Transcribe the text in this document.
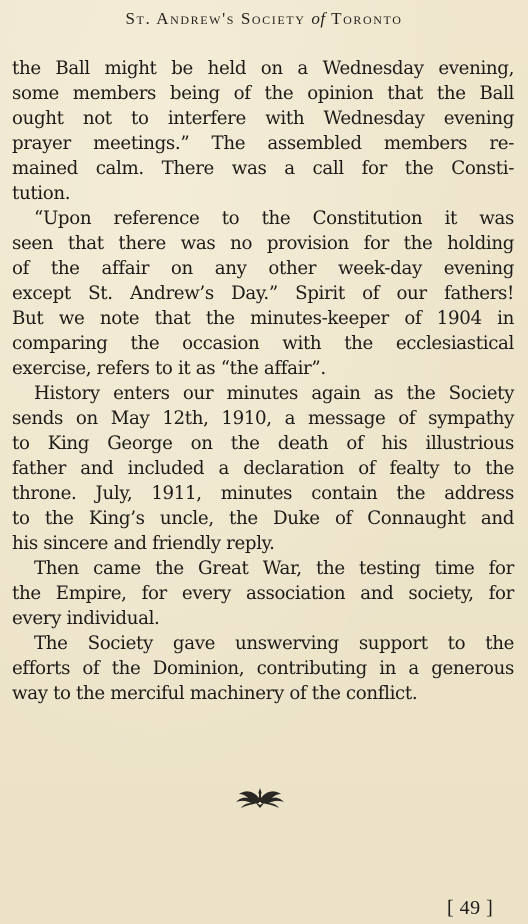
St. Andrew's Society of Toronto
the Ball might be held on a Wednesday evening,
some members being of the opinion that the Ball
ought not to interfere with Wednesday evening
prayer meetings.” The assembled members re-
mained calm. There was a call for the Consti-
tution.
“Upon reference to the Constitution it was
seen that there was no provision for the holding
of the affair on any other week-day evening
except St. Andrew’s Day.” Spirit of our fathers!
But we note that the minutes-keeper of 1904 in
comparing the occasion with the ecclesiastical
exercise, refers to it as “the affair”.
History enters our minutes again as the Society
sends on May 12th, 1910, a message of sympathy
to King George on the death of his illustrious
father and included a declaration of fealty to the
throne. July, 1911, minutes contain the address
to the King’s uncle, the Duke of Connaught and
his sincere and friendly reply.
Then came the Great War, the testing time for
the Empire, for every association and society, for
every individual.
The Society gave unswerving support to the
efforts of the Dominion, contributing in a generous
way to the merciful machinery of the conflict.
[ 49 ]
